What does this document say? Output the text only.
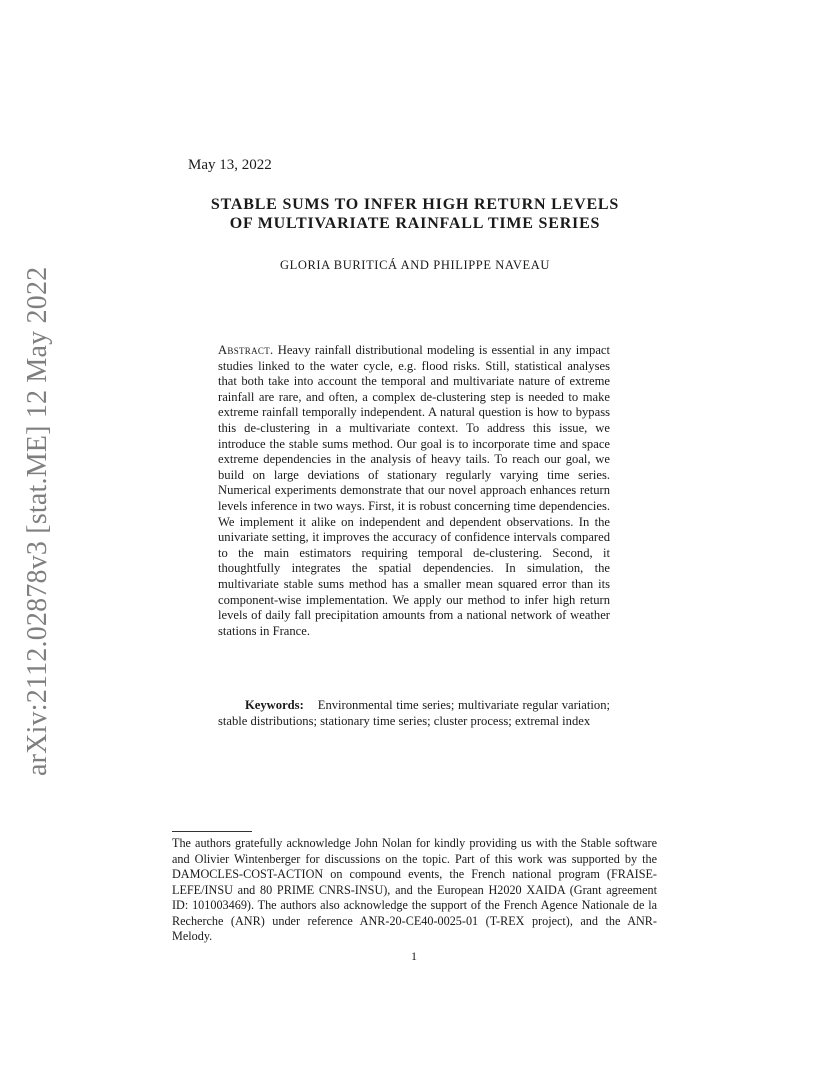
arXiv:2112.02878v3 [stat.ME] 12 May 2022
May 13, 2022
STABLE SUMS TO INFER HIGH RETURN LEVELS
OF MULTIVARIATE RAINFALL TIME SERIES
GLORIA BURITICÁ AND PHILIPPE NAVEAU

Abstract. Heavy rainfall distributional modeling is essential in any impact studies linked to the water cycle, e.g. flood risks. Still, statistical analyses that both take into account the temporal and multivariate nature of extreme rainfall are rare, and often, a complex de-clustering step is needed to make extreme rainfall temporally independent. A natural question is how to bypass this de-clustering in a multivariate context. To address this issue, we introduce the stable sums method. Our goal is to incorporate time and space extreme dependencies in the analysis of heavy tails. To reach our goal, we build on large deviations of stationary regularly varying time series. Numerical experiments demonstrate that our novel approach enhances return levels inference in two ways. First, it is robust concerning time dependencies. We implement it alike on independent and dependent observations. In the univariate setting, it improves the accuracy of confidence intervals compared to the main estimators requiring temporal de-clustering. Second, it thoughtfully integrates the spatial dependencies. In simulation, the multivariate stable sums method has a smaller mean squared error than its component-wise implementation. We apply our method to infer high return levels of daily fall precipitation amounts from a national network of weather stations in France.

Keywords: Environmental time series; multivariate regular variation; stable distributions; stationary time series; cluster process; extremal index
The authors gratefully acknowledge John Nolan for kindly providing us with the Stable software and Olivier Wintenberger for discussions on the topic. Part of this work was supported by the DAMOCLES-COST-ACTION on compound events, the French national program (FRAISE-LEFE/INSU and 80 PRIME CNRS-INSU), and the European H2020 XAIDA (Grant agreement ID: 101003469). The authors also acknowledge the support of the French Agence Nationale de la Recherche (ANR) under reference ANR-20-CE40-0025-01 (T-REX project), and the ANR-Melody.
1
